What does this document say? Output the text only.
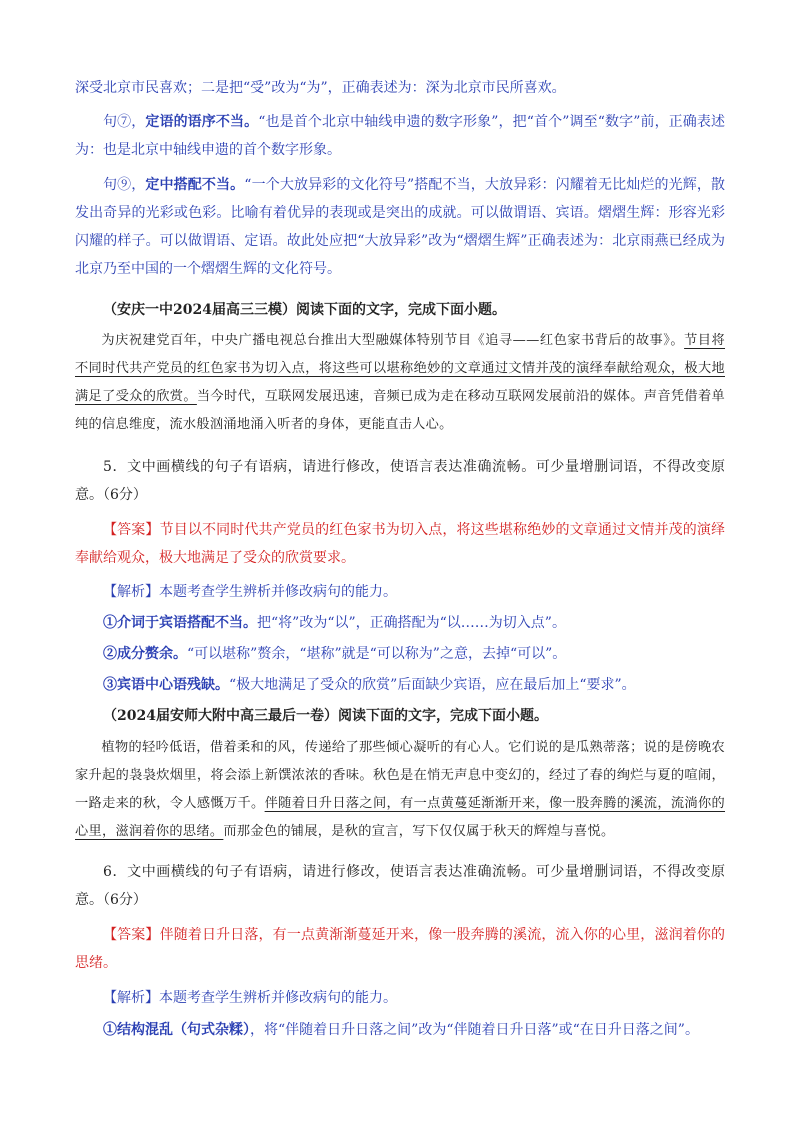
深受北京市民喜欢；二是把“受”改为“为”，正确表述为：深为北京市民所喜欢。

句⑦，定语的语序不当。“也是首个北京中轴线申遗的数字形象”，把“首个”调至“数字”前，正确表述为：也是北京中轴线申遗的首个数字形象。

句⑨，定中搭配不当。“一个大放异彩的文化符号”搭配不当，大放异彩：闪耀着无比灿烂的光辉，散发出奇异的光彩或色彩。比喻有着优异的表现或是突出的成就。可以做谓语、宾语。熠熠生辉：形容光彩闪耀的样子。可以做谓语、定语。故此处应把“大放异彩”改为“熠熠生辉”正确表述为：北京雨燕已经成为北京乃至中国的一个熠熠生辉的文化符号。

（安庆一中2024届高三三模）阅读下面的文字，完成下面小题。

为庆祝建党百年，中央广播电视总台推出大型融媒体特别节目《追寻——红色家书背后的故事》。节目将不同时代共产党员的红色家书为切入点，将这些可以堪称绝妙的文章通过文情并茂的演绎奉献给观众，极大地满足了受众的欣赏。当今时代，互联网发展迅速，音频已成为走在移动互联网发展前沿的媒体。声音凭借着单纯的信息维度，流水般汹涌地涌入听者的身体，更能直击人心。

5．文中画横线的句子有语病，请进行修改，使语言表达准确流畅。可少量增删词语，不得改变原意。（6分）

【答案】节目以不同时代共产党员的红色家书为切入点，将这些堪称绝妙的文章通过文情并茂的演绎奉献给观众，极大地满足了受众的欣赏要求。

【解析】本题考查学生辨析并修改病句的能力。

①介词于宾语搭配不当。把“将”改为“以”，正确搭配为“以……为切入点”。

②成分赘余。“可以堪称”赘余，“堪称”就是“可以称为”之意，去掉“可以”。

③宾语中心语残缺。“极大地满足了受众的欣赏”后面缺少宾语，应在最后加上“要求”。

（2024届安师大附中高三最后一卷）阅读下面的文字，完成下面小题。

植物的轻吟低语，借着柔和的风，传递给了那些倾心凝听的有心人。它们说的是瓜熟蒂落；说的是傍晚农家升起的袅袅炊烟里，将会添上新馔浓浓的香味。秋色是在悄无声息中变幻的，经过了春的绚烂与夏的喧闹，一路走来的秋，令人感慨万千。伴随着日升日落之间，有一点黄蔓延渐渐开来，像一股奔腾的溪流，流淌你的心里，滋润着你的思绪。而那金色的铺展，是秋的宣言，写下仅仅属于秋天的辉煌与喜悦。

6．文中画横线的句子有语病，请进行修改，使语言表达准确流畅。可少量增删词语，不得改变原意。（6分）

【答案】伴随着日升日落，有一点黄渐渐蔓延开来，像一股奔腾的溪流，流入你的心里，滋润着你的思绪。

【解析】本题考查学生辨析并修改病句的能力。

①结构混乱（句式杂糅），将“伴随着日升日落之间”改为“伴随着日升日落”或“在日升日落之间”。
